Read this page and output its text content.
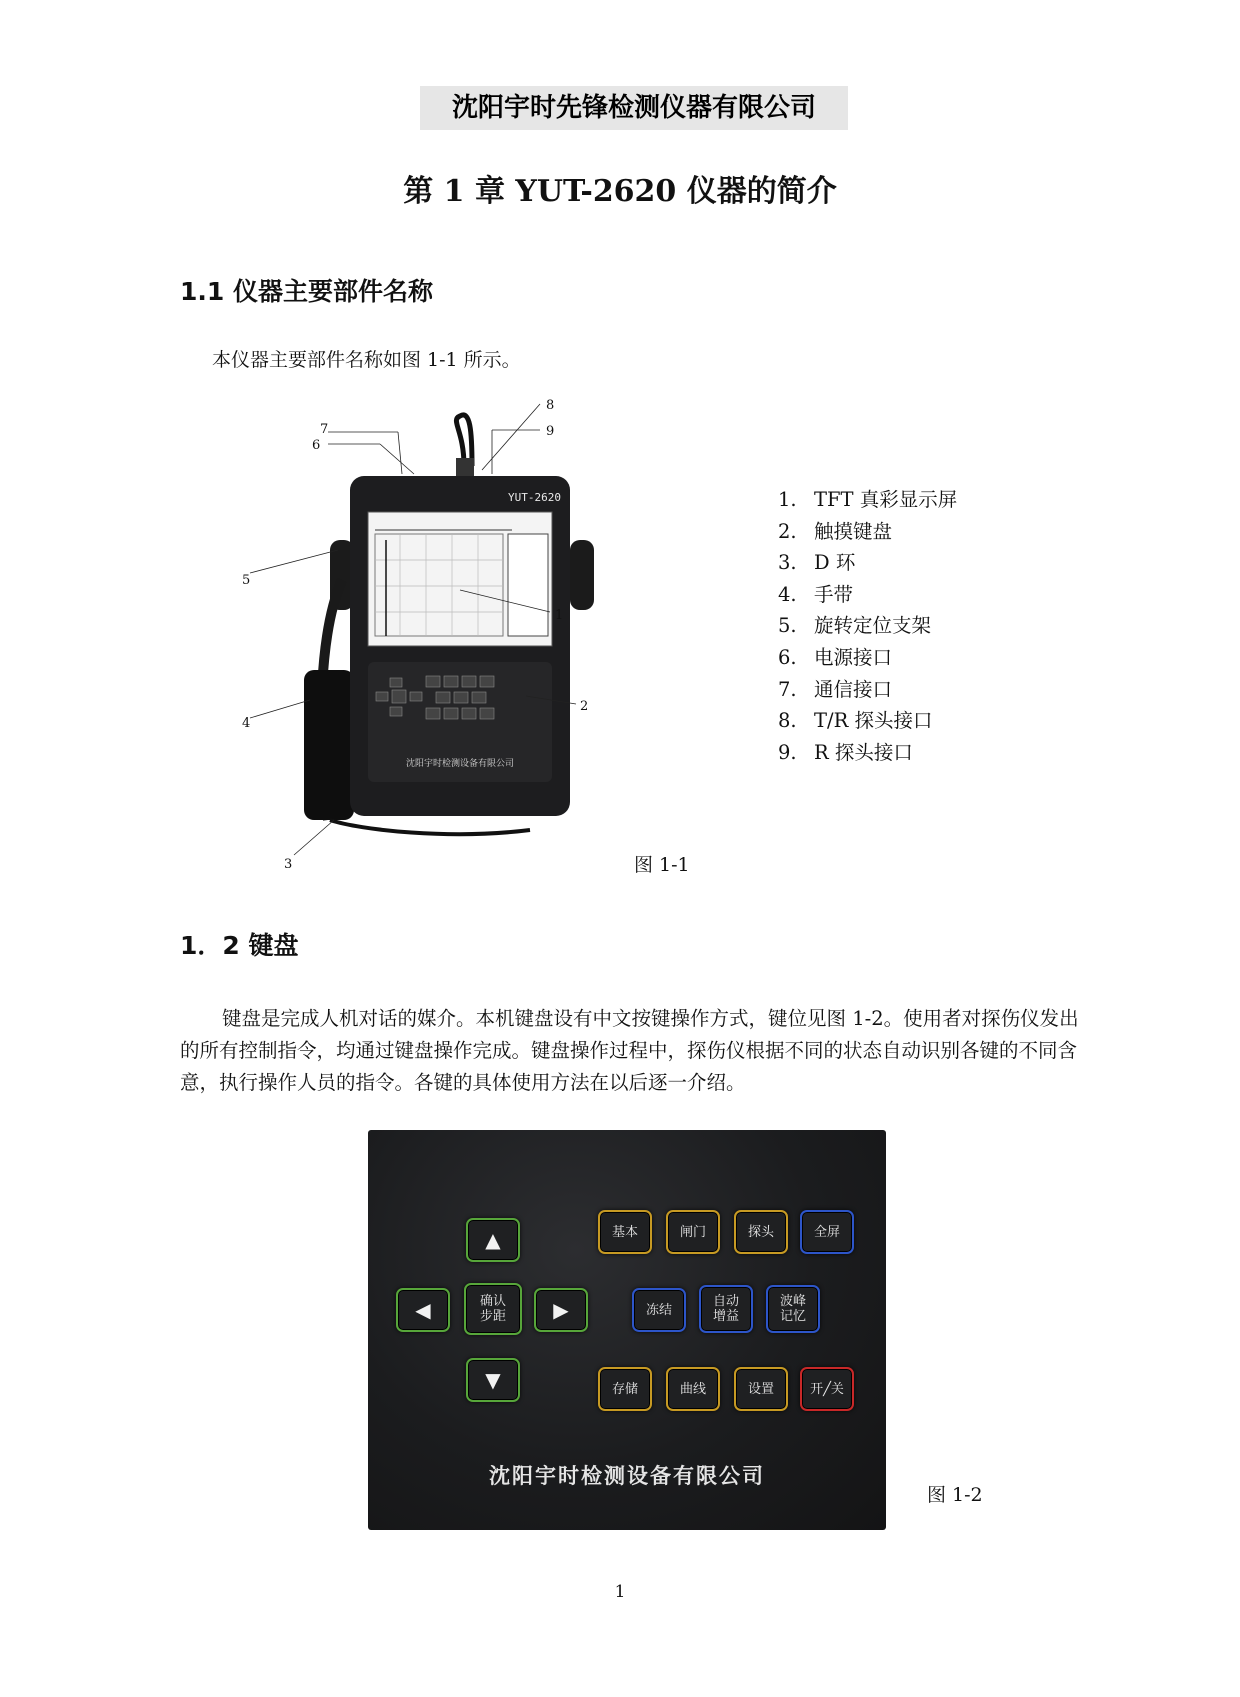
沈阳宇时先锋检测仪器有限公司
第 1 章 YUT-2620 仪器的简介
1.1 仪器主要部件名称
本仪器主要部件名称如图 1-1 所示。
YUT-2620
沈阳宇时检测设备有限公司
8
9
7
6
5
1
4
2
3
1. TFT 真彩显示屏
2. 触摸键盘
3. D 环
4. 手带
5. 旋转定位支架
6. 电源接口
7. 通信接口
8. T/R 探头接口
9. R 探头接口
图 1-1
1．2 键盘
键盘是完成人机对话的媒介。本机键盘设有中文按键操作方式，键位见图 1-2。使用者对探伤仪发出的所有控制指令，均通过键盘操作完成。键盘操作过程中，探伤仪根据不同的状态自动识别各键的不同含意，执行操作人员的指令。各键的具体使用方法在以后逐一介绍。
▲
◀	确认
步距	▶
▼
基本	闸门	探头	全屏
冻结
自动
增益
波峰
记忆
存储	曲线	设置	开╱关
沈阳宇时检测设备有限公司
图 1-2
1
